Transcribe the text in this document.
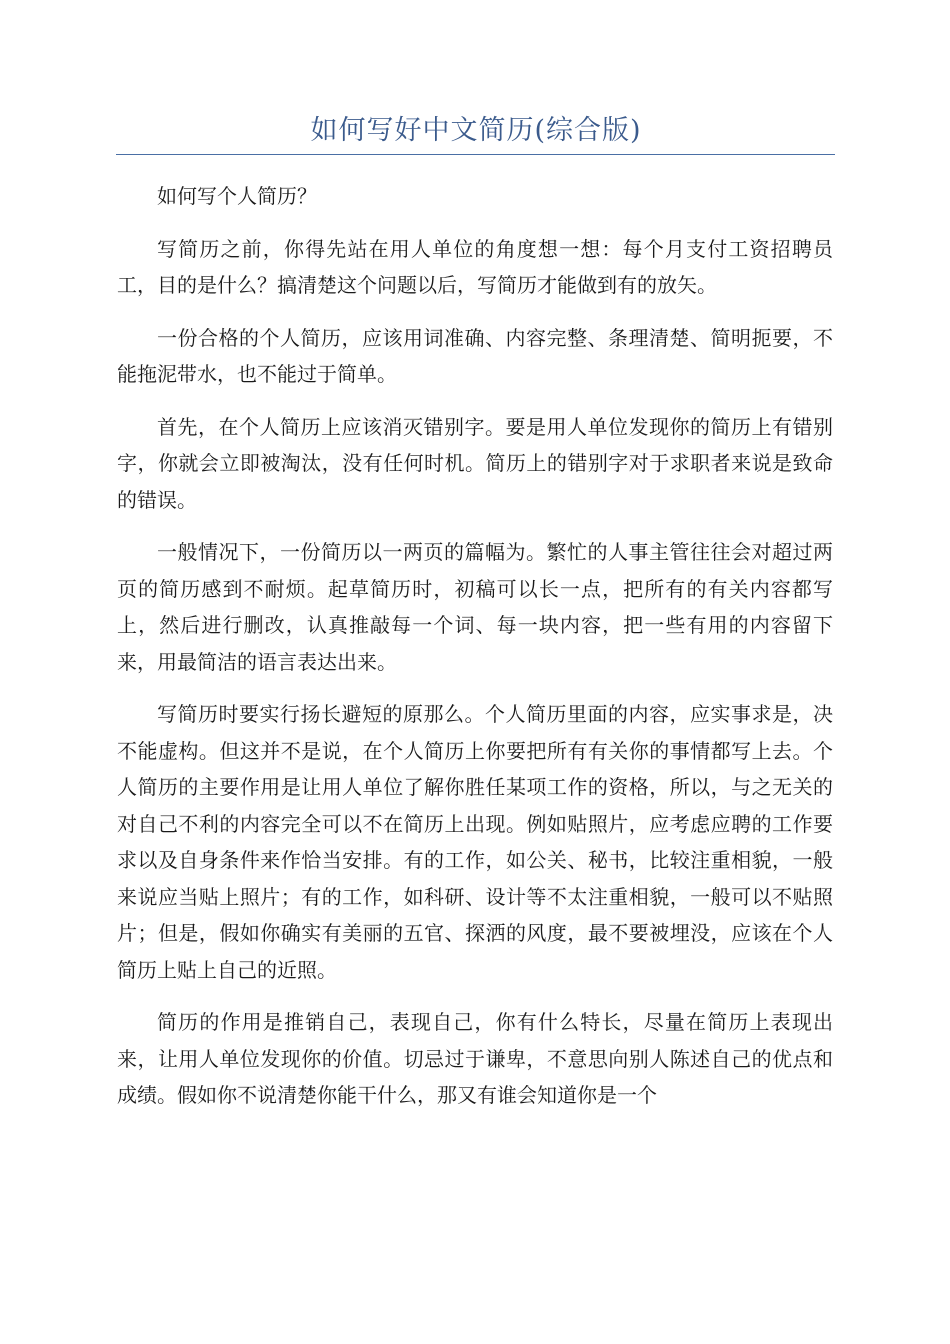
如何写好中文简历(综合版)

如何写个人简历？

写简历之前，你得先站在用人单位的角度想一想：每个月支付工资招聘员工，目的是什么？搞清楚这个问题以后，写简历才能做到有的放矢。

一份合格的个人简历，应该用词准确、内容完整、条理清楚、简明扼要，不能拖泥带水，也不能过于简单。

首先，在个人简历上应该消灭错别字。要是用人单位发现你的简历上有错别字，你就会立即被淘汰，没有任何时机。简历上的错别字对于求职者来说是致命的错误。

一般情况下，一份简历以一两页的篇幅为。繁忙的人事主管往往会对超过两页的简历感到不耐烦。起草简历时，初稿可以长一点，把所有的有关内容都写上，然后进行删改，认真推敲每一个词、每一块内容，把一些有用的内容留下来，用最简洁的语言表达出来。

写简历时要实行扬长避短的原那么。个人简历里面的内容，应实事求是，决不能虚构。但这并不是说，在个人简历上你要把所有有关你的事情都写上去。个人简历的主要作用是让用人单位了解你胜任某项工作的资格，所以，与之无关的对自己不利的内容完全可以不在简历上出现。例如贴照片，应考虑应聘的工作要求以及自身条件来作恰当安排。有的工作，如公关、秘书，比较注重相貌，一般来说应当贴上照片；有的工作，如科研、设计等不太注重相貌，一般可以不贴照片；但是，假如你确实有美丽的五官、探洒的风度，最不要被埋没，应该在个人简历上贴上自己的近照。

简历的作用是推销自己，表现自己，你有什么特长，尽量在简历上表现出来，让用人单位发现你的价值。切忌过于谦卑，不意思向别人陈述自己的优点和成绩。假如你不说清楚你能干什么，那又有谁会知道你是一个
